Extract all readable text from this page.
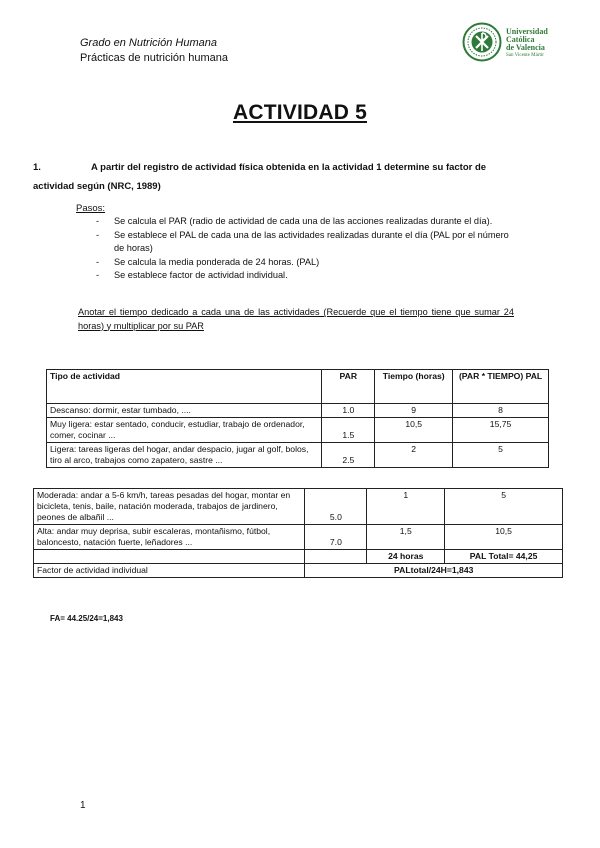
Grado en Nutrición Humana
Prácticas de nutrición humana
Universidad
Católica
de Valencia
San Vicente Mártir
ACTIVIDAD 5
1.	A partir del registro de actividad física obtenida en la actividad 1 determine su factor de actividad según (NRC, 1989)
Pasos:
- Se calcula el PAR (radio de actividad de cada una de las acciones realizadas durante el día).
- Se establece el PAL de cada una de las actividades realizadas durante el día (PAL por el número de horas)
- Se calcula la media ponderada de 24 horas. (PAL)
- Se establece factor de actividad individual.
Anotar el tiempo dedicado a cada una de las actividades (Recuerde que el tiempo tiene que sumar 24 horas) y multiplicar por su PAR
Tipo de actividad	PAR	Tiempo (horas)	(PAR * TIEMPO) PAL
Descanso: dormir, estar tumbado, ....	1.0	9	8
Muy ligera: estar sentado, conducir, estudiar, trabajo de ordenador, comer, cocinar ...	1.5	10,5	15,75
Ligera: tareas ligeras del hogar, andar despacio, jugar al golf, bolos, tiro al arco, trabajos como zapatero, sastre ...	2.5	2	5
Moderada: andar a 5-6 km/h, tareas pesadas del hogar, montar en bicicleta, tenis, baile, natación moderada, trabajos de jardinero, peones de albañil ...	5.0	1	5
Alta: andar muy deprisa, subir escaleras, montañismo, fútbol, baloncesto, natación fuerte, leñadores ...	7.0	1,5	10,5
		24 horas	PAL Total= 44,25
Factor de actividad individual	PALtotal/24H=1,843		
FA= 44.25/24=1,843
1
